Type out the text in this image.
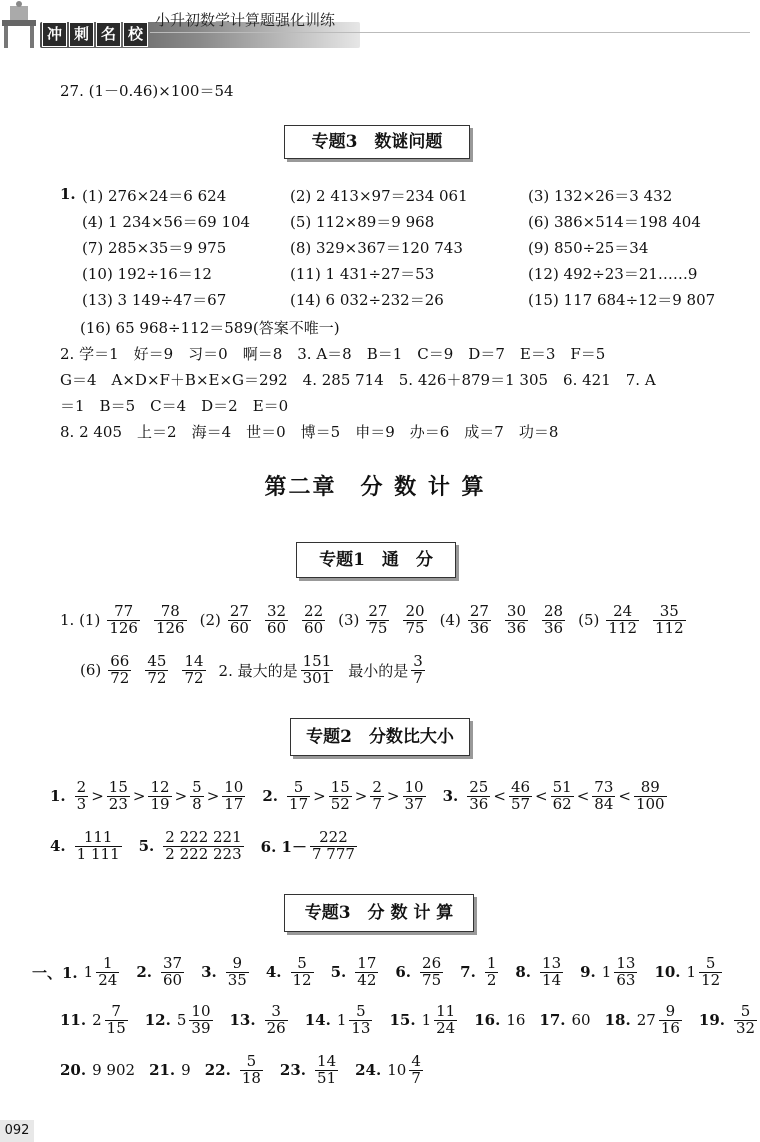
冲 刺 名 校
小升初数学计算题强化训练
27. (1－0.46)×100＝54
专题3　数谜问题
1. (1) 276×24＝6 624	(2) 2 413×97＝234 061	(3) 132×26＝3 432
(4) 1 234×56＝69 104	(5) 112×89＝9 968	(6) 386×514＝198 404
(7) 285×35＝9 975	(8) 329×367＝120 743	(9) 850÷25＝34
(10) 192÷16＝12	(11) 1 431÷27＝53	(12) 492÷23＝21……9
(13) 3 149÷47＝67	(14) 6 032÷232＝26	(15) 117 684÷12＝9 807
(16) 65 968÷112＝589(答案不唯一)
2. 学＝1　好＝9　习＝0　啊＝8　3. A＝8　B＝1　C＝9　D＝7　E＝3　F＝5
G＝4　A×D×F＋B×E×G＝292　4. 285 714　5. 426＋879＝1 305　6. 421　7. A
＝1　B＝5　C＝4　D＝2　E＝0
8. 2 405　上＝2　海＝4　世＝0　博＝5　申＝9　办＝6　成＝7　功＝8
第二章　分 数 计 算
专题1　通　分
1. $(1) \frac{77}{126} \frac{78}{126} (2) \frac{27}{60} \frac{32}{60} \frac{22}{60} (3) \frac{27}{75} \frac{20}{75} (4) \frac{27}{36} \frac{30}{36} \frac{28}{36} (5) \frac{24}{112} \frac{35}{112}$
$(6) \frac{66}{72} \frac{45}{72} \frac{14}{72} 2$. 最大的是 $\frac{151}{301}$ 最小的是 $\frac{3}{7}$
专题2　分数比大小
1. $\frac{2}{3} > \frac{15}{23} > \frac{12}{19} > \frac{5}{8} > \frac{10}{17} 2$. $\frac{5}{17} > \frac{15}{52} > \frac{2}{7} > \frac{10}{37} 3$. $\frac{25}{36} < \frac{46}{57} < \frac{51}{62} < \frac{73}{84} < \frac{89}{100}$
4. $\frac{111}{1 111} 5$. $\frac{2 222 221}{2 222 223} 6$. $1- \frac{222}{7 777}$
专题3　分 数 计 算
一、1. $1 \frac{1}{24} 2$. $\frac{37}{60} 3$. $\frac{9}{35} 4$. $\frac{5}{12} 5$. $\frac{17}{42} 6$. $\frac{26}{75} 7$. $\frac{1}{2} 8$. $\frac{13}{14} 9$. $1 \frac{13}{63} 10$. $1 \frac{5}{12}$
11. $2 \frac{7}{15} 12$. $5 \frac{10}{39} 13$. $\frac{3}{26} 14$. $1 \frac{5}{13} 15$. $1 \frac{11}{24} 16$. 16 17. 60 18. $27 \frac{9}{16} 19$. $\frac{5}{32}$
20. 9 902 21. 9 22. $\frac{5}{18} 23$. $\frac{14}{51} 24$. $10 \frac{4}{7}$
092
